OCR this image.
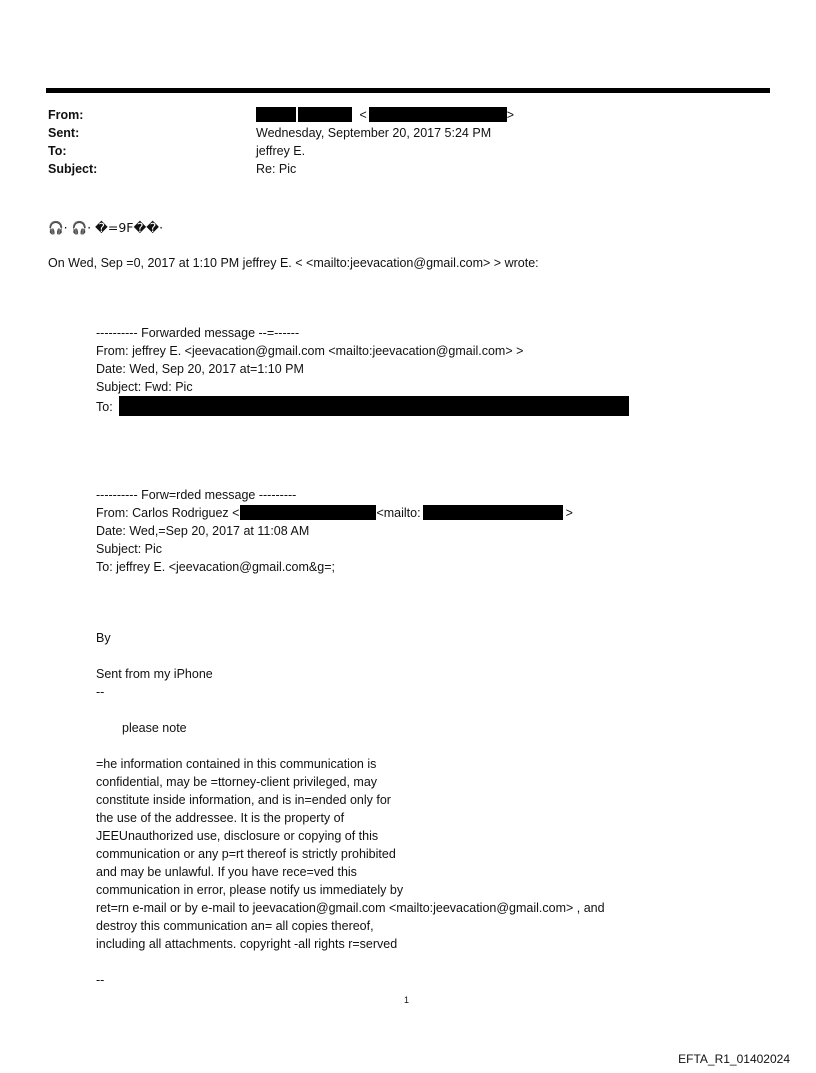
From:	<	>
Sent:	Wednesday, September 20, 2017 5:24 PM
To:	jeffrey E.
Subject:	Re: Pic
🎧· 🎧· �=9F��·
On Wed, Sep =0, 2017 at 1:10 PM jeffrey E. < <mailto:jeevacation@gmail.com> > wrote:
---------- Forwarded message --=------
From: jeffrey E. <jeevacation@gmail.com <mailto:jeevacation@gmail.com> >
Date: Wed, Sep 20, 2017 at=1:10 PM
Subject: Fwd: Pic
To:
---------- Forw=rded message ---------
From: Carlos Rodriguez <	<mailto:	>
Date: Wed,=Sep 20, 2017 at 11:08 AM
Subject: Pic
To: jeffrey E. <jeevacation@gmail.com&g=;
By
Sent from my iPhone
--
please note
=he information contained in this communication is
confidential, may be =ttorney-client privileged, may
constitute inside information, and is in=ended only for
the use of the addressee. It is the property of
JEEUnauthorized use, disclosure or copying of this
communication or any p=rt thereof is strictly prohibited
and may be unlawful. If you have rece=ved this
communication in error, please notify us immediately by
ret=rn e-mail or by e-mail to jeevacation@gmail.com <mailto:jeevacation@gmail.com> , and
destroy this communication an= all copies thereof,
including all attachments. copyright -all rights r=served
--
1
EFTA_R1_01402024
